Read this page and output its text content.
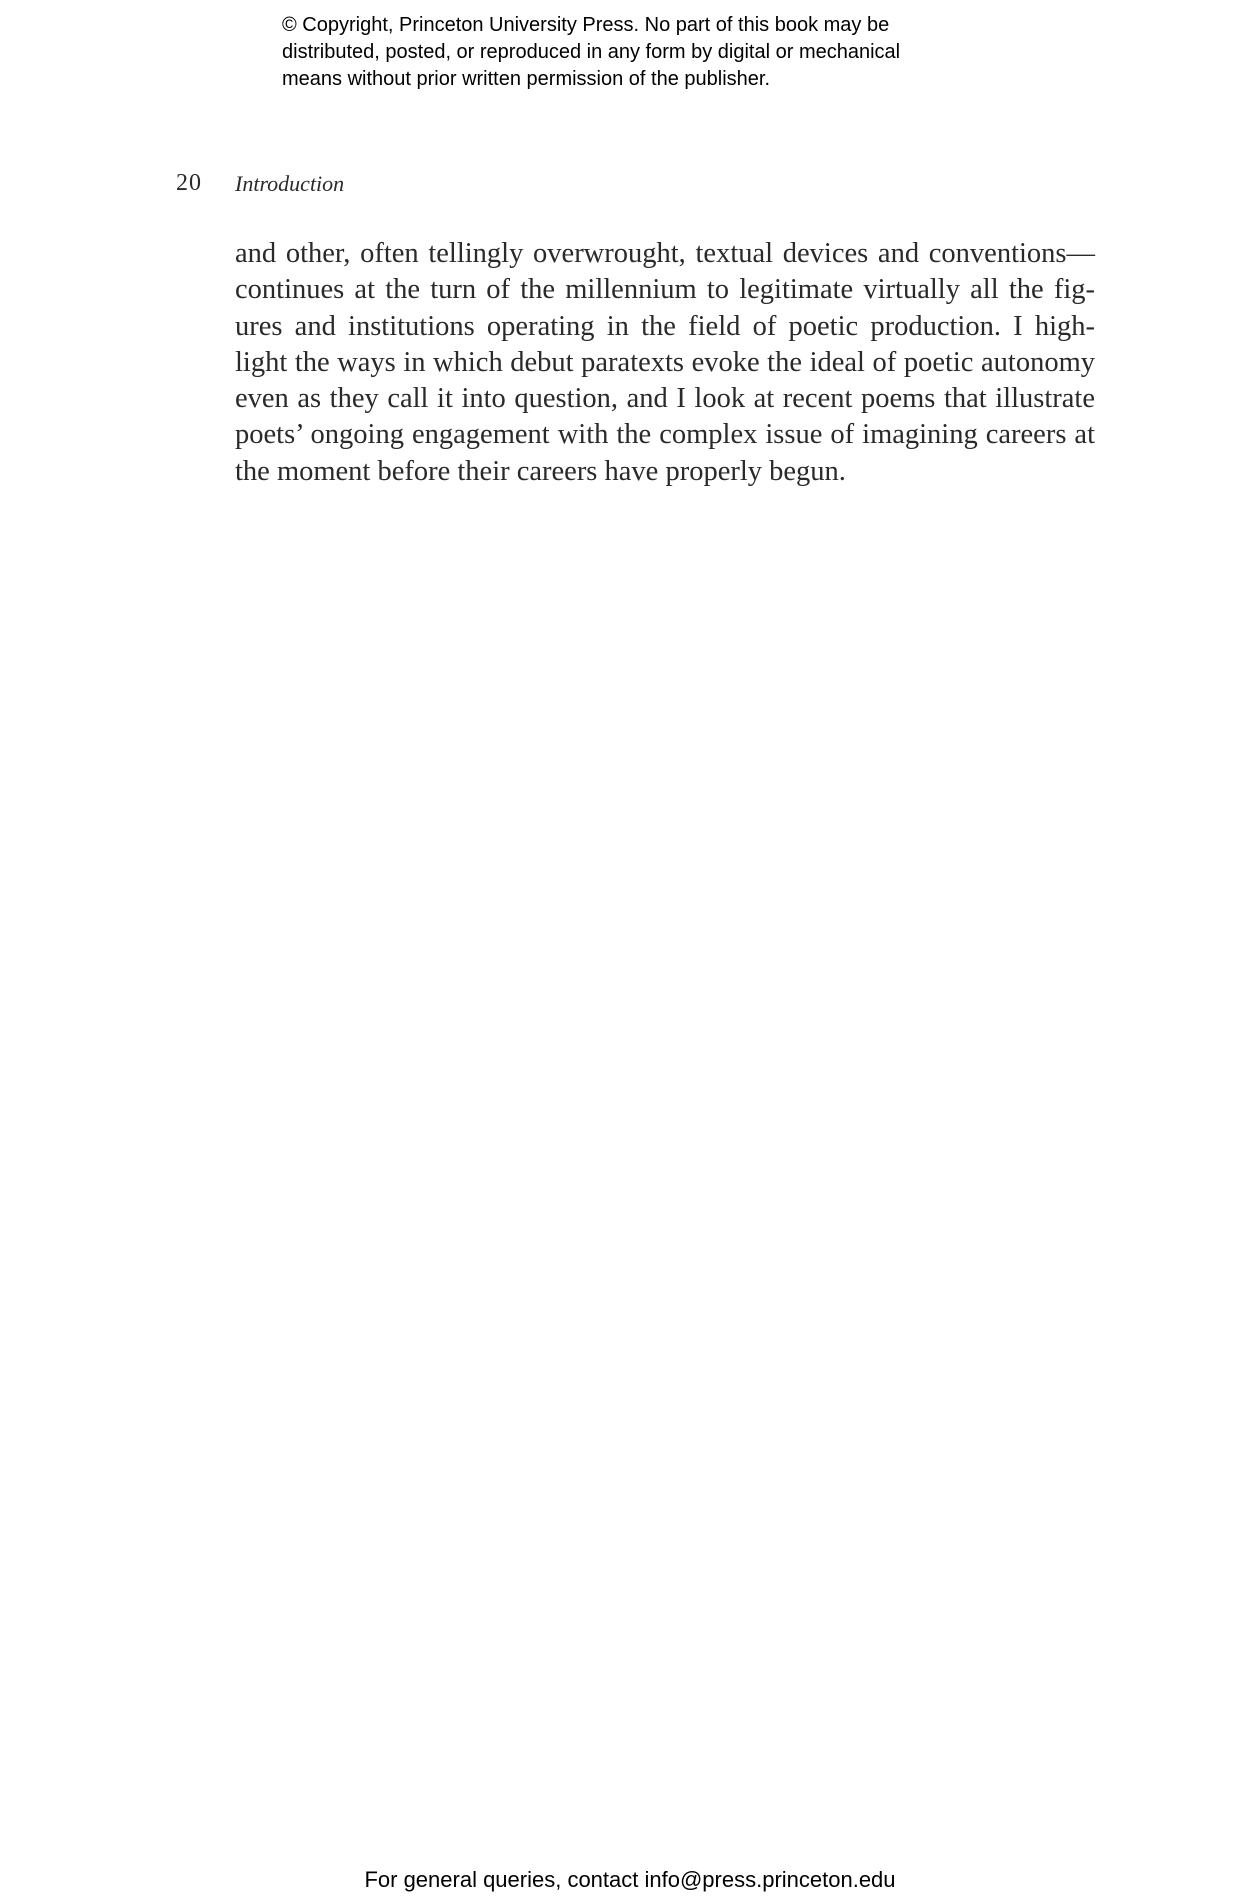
© Copyright, Princeton University Press. No part of this book may be
distributed, posted, or reproduced in any form by digital or mechanical
means without prior written permission of the publisher.
20 Introduction
and other, often tellingly overwrought, textual devices and conventions—
continues at the turn of the millennium to legitimate virtually all the fig-
ures and institutions operating in the field of poetic production. I high-
light the ways in which debut paratexts evoke the ideal of poetic autonomy
even as they call it into question, and I look at recent poems that illustrate
poets’ ongoing engagement with the complex issue of imagining careers at
the moment before their careers have properly begun.
For general queries, contact info@press.princeton.edu
